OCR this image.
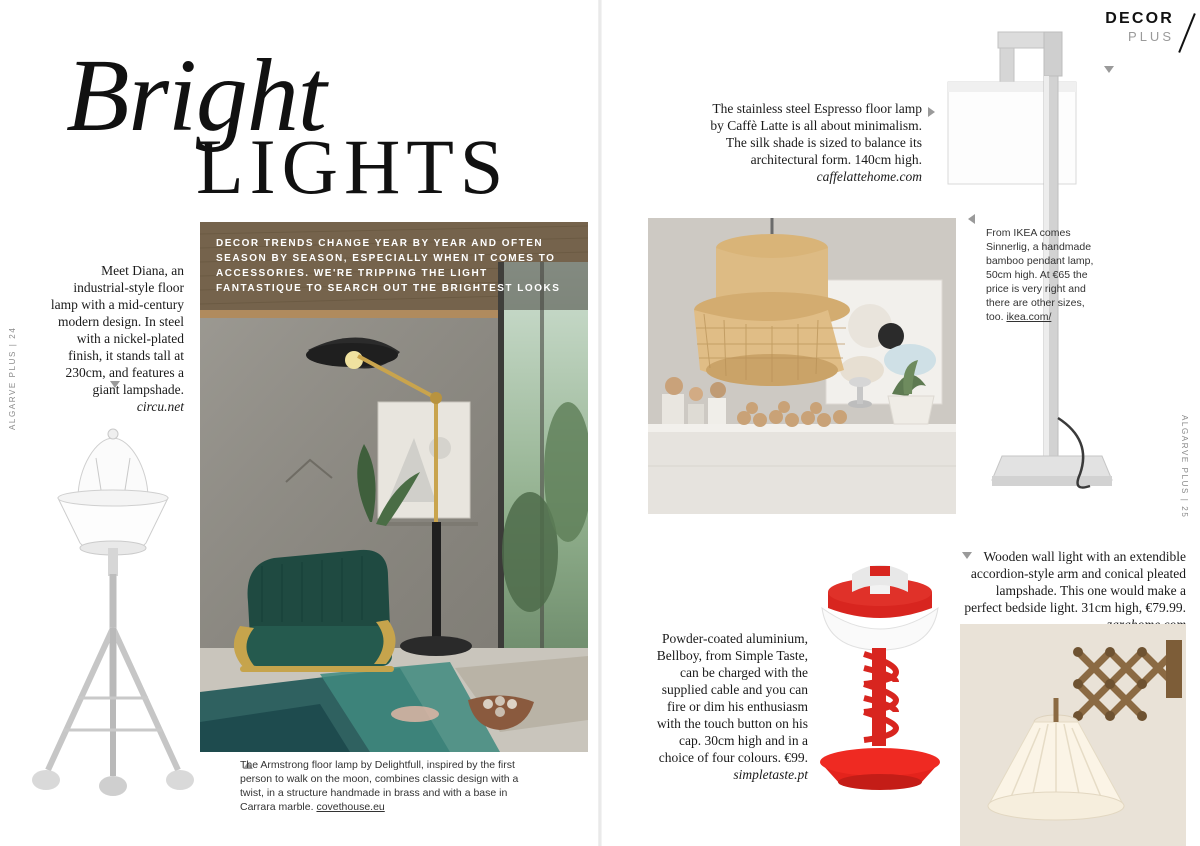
ALGARVE PLUS | 24
ALGARVE PLUS | 25
DECOR
PLUS
Bright
LIGHTS
Meet Diana, an industrial-style floor lamp with a mid-century modern design. In steel with a nickel-plated finish, it stands tall at 230cm, and features a giant lampshade. circu.net
DECOR TRENDS CHANGE YEAR BY YEAR AND OFTEN SEASON BY SEASON, ESPECIALLY WHEN IT COMES TO ACCESSORIES. WE'RE TRIPPING THE LIGHT FANTASTIQUE TO SEARCH OUT THE BRIGHTEST LOOKS
The Armstrong floor lamp by Delightfull, inspired by the first person to walk on the moon, combines classic design with a twist, in a structure handmade in brass and with a base in Carrara marble. covethouse.eu
The stainless steel Espresso floor lamp by Caffè Latte is all about minimalism. The silk shade is sized to balance its architectural form. 140cm high. caffelattehome.com
From IKEA comes Sinnerlig, a handmade bamboo pendant lamp, 50cm high. At €65 the price is very right and there are other sizes, too. ikea.com/
Powder-coated aluminium, Bellboy, from Simple Taste, can be charged with the supplied cable and you can fire or dim his enthusiasm with the touch button on his cap. 30cm high and in a choice of four colours. €99. simpletaste.pt
Wooden wall light with an extendible accordion-style arm and conical pleated lampshade. This one would make a perfect bedside light. 31cm high, €79.99.
